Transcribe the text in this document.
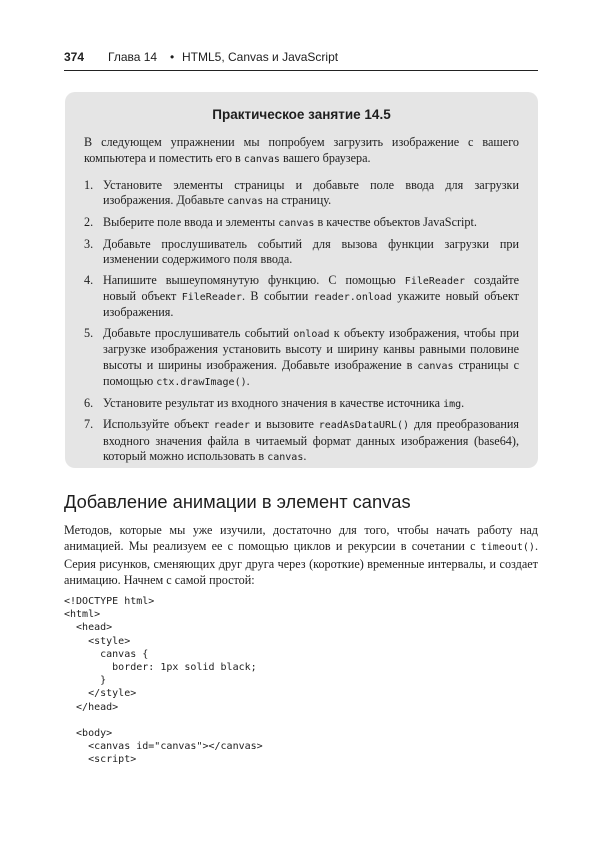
374 Глава 14 • HTML5, Canvas и JavaScript
Практическое занятие 14.5
В следующем упражнении мы попробуем загрузить изображение с вашего компьютера и поместить его в canvas вашего браузера.
1. Установите элементы страницы и добавьте поле ввода для загрузки изображения. Добавьте canvas на страницу.
2. Выберите поле ввода и элементы canvas в качестве объектов JavaScript.
3. Добавьте прослушиватель событий для вызова функции загрузки при изменении содержимого поля ввода.
4. Напишите вышеупомянутую функцию. С помощью FileReader создайте новый объект FileReader. В событии reader.onload укажите новый объект изображения.
5. Добавьте прослушиватель событий onload к объекту изображения, чтобы при загрузке изображения установить высоту и ширину канвы равными половине высоты и ширины изображения. Добавьте изображение в canvas страницы с помощью ctx.drawImage().
6. Установите результат из входного значения в качестве источника img.
7. Используйте объект reader и вызовите readAsDataURL() для преобразования входного значения файла в читаемый формат данных изображения (base64), который можно использовать в canvas.
Добавление анимации в элемент canvas
Методов, которые мы уже изучили, достаточно для того, чтобы начать работу над анимацией. Мы реализуем ее с помощью циклов и рекурсии в сочетании с timeout(). Серия рисунков, сменяющих друг друга через (короткие) временные интервалы, и создает анимацию. Начнем с самой простой:
<!DOCTYPE html>
<html>
<head>
<style>
canvas {
border: 1px solid black;
}
</style>
</head>
<body>
<canvas id="canvas"></canvas>
<script>
